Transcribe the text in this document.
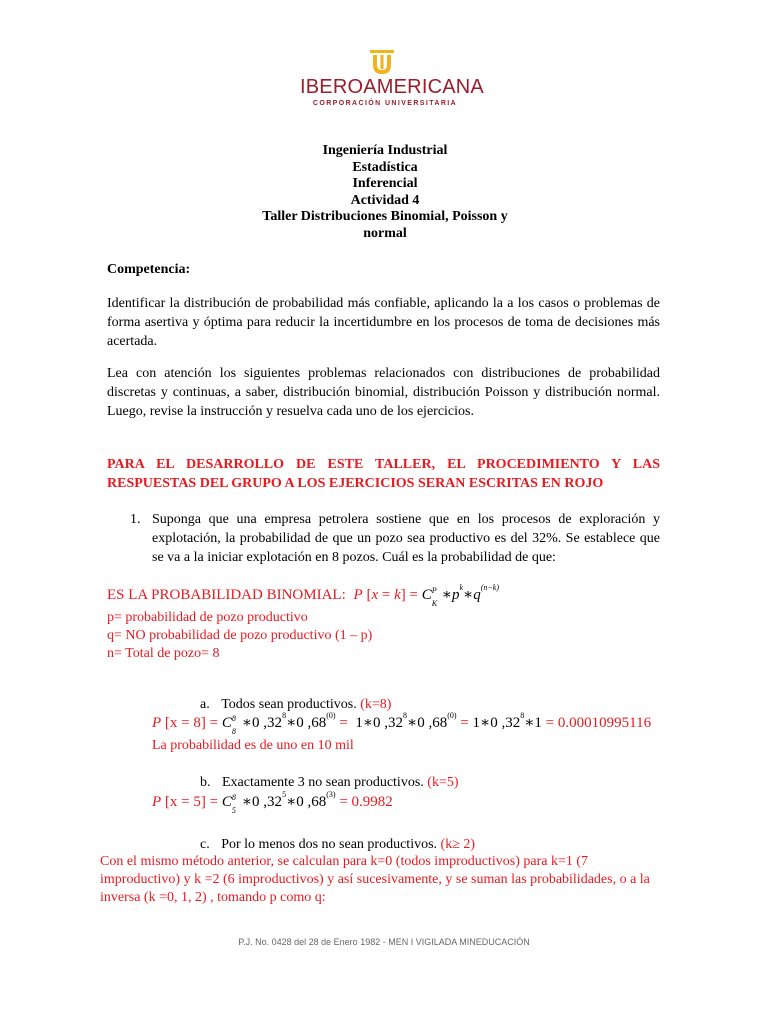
IBEROAMERICANA
CORPORACIÓN UNIVERSITARIA
Ingeniería Industrial
Estadística
Inferencial
Actividad 4
Taller Distribuciones Binomial, Poisson y
normal
Competencia:
Identificar la distribución de probabilidad más confiable, aplicando la a los casos o problemas de forma asertiva y óptima para reducir la incertidumbre en los procesos de toma de decisiones más acertada.
Lea con atención los siguientes problemas relacionados con distribuciones de probabilidad discretas y continuas, a saber, distribución binomial, distribución Poisson y distribución normal. Luego, revise la instrucción y resuelva cada uno de los ejercicios.
PARA EL DESARROLLO DE ESTE TALLER, EL PROCEDIMIENTO Y LAS RESPUESTAS DEL GRUPO A LOS EJERCICIOS SERAN ESCRITAS EN ROJO
1. Suponga que una empresa petrolera sostiene que en los procesos de exploración y explotación, la probabilidad de que un pozo sea productivo es del 32%. Se establece que se va a la iniciar explotación en 8 pozos. Cuál es la probabilidad de que:
ES LA PROBABILIDAD BINOMIAL: P [x = k] = C P
K
$∗p^k∗q^{(n-k)}$
p= probabilidad de pozo productivo
q= NO probabilidad de pozo productivo (1 – p)
n= Total de pozo= 8
a. Todos sean productivos. (k=8)
P [x = 8] = C 8
8
∗0 $,32^8∗0$ $,68^{(0)}$ =  1∗0 $,32^8∗0$ $,68^{(0)}$ = 1∗0 $,32^8∗1 = 0.00010995116$
La probabilidad es de uno en 10 mil
b. Exactamente 3 no sean productivos. (k=5)
P [x = 5] = C 8
5
∗0 $,32^5∗0$ $,68^{(3)} = 0.9982$
c. Por lo menos dos no sean productivos. (k≥ 2)
Con el mismo método anterior, se calculan para k=0 (todos improductivos) para k=1 (7 improductivo) y k =2 (6 improductivos) y así sucesivamente, y se suman las probabilidades, o a la inversa (k =0, 1, 2) , tomando p como q:
P.J. No. 0428 del 28 de Enero 1982 - MEN I VIGILADA MINEDUCACIÓN
